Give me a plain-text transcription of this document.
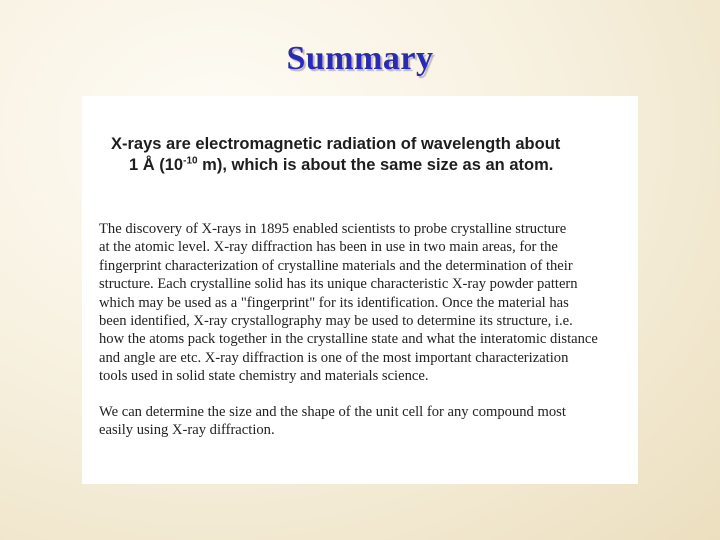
Summary
X-rays are electromagnetic radiation of wavelength about
1 Å ($10^{-10}$ m), which is about the same size as an atom.
The discovery of X-rays in 1895 enabled scientists to probe crystalline structure
at the atomic level. X-ray diffraction has been in use in two main areas, for the
fingerprint characterization of crystalline materials and the determination of their
structure. Each crystalline solid has its unique characteristic X-ray powder pattern
which may be used as a "fingerprint" for its identification. Once the material has
been identified, X-ray crystallography may be used to determine its structure, i.e.
how the atoms pack together in the crystalline state and what the interatomic distance
and angle are etc. X-ray diffraction is one of the most important characterization
tools used in solid state chemistry and materials science.
We can determine the size and the shape of the unit cell for any compound most
easily using X-ray diffraction.
